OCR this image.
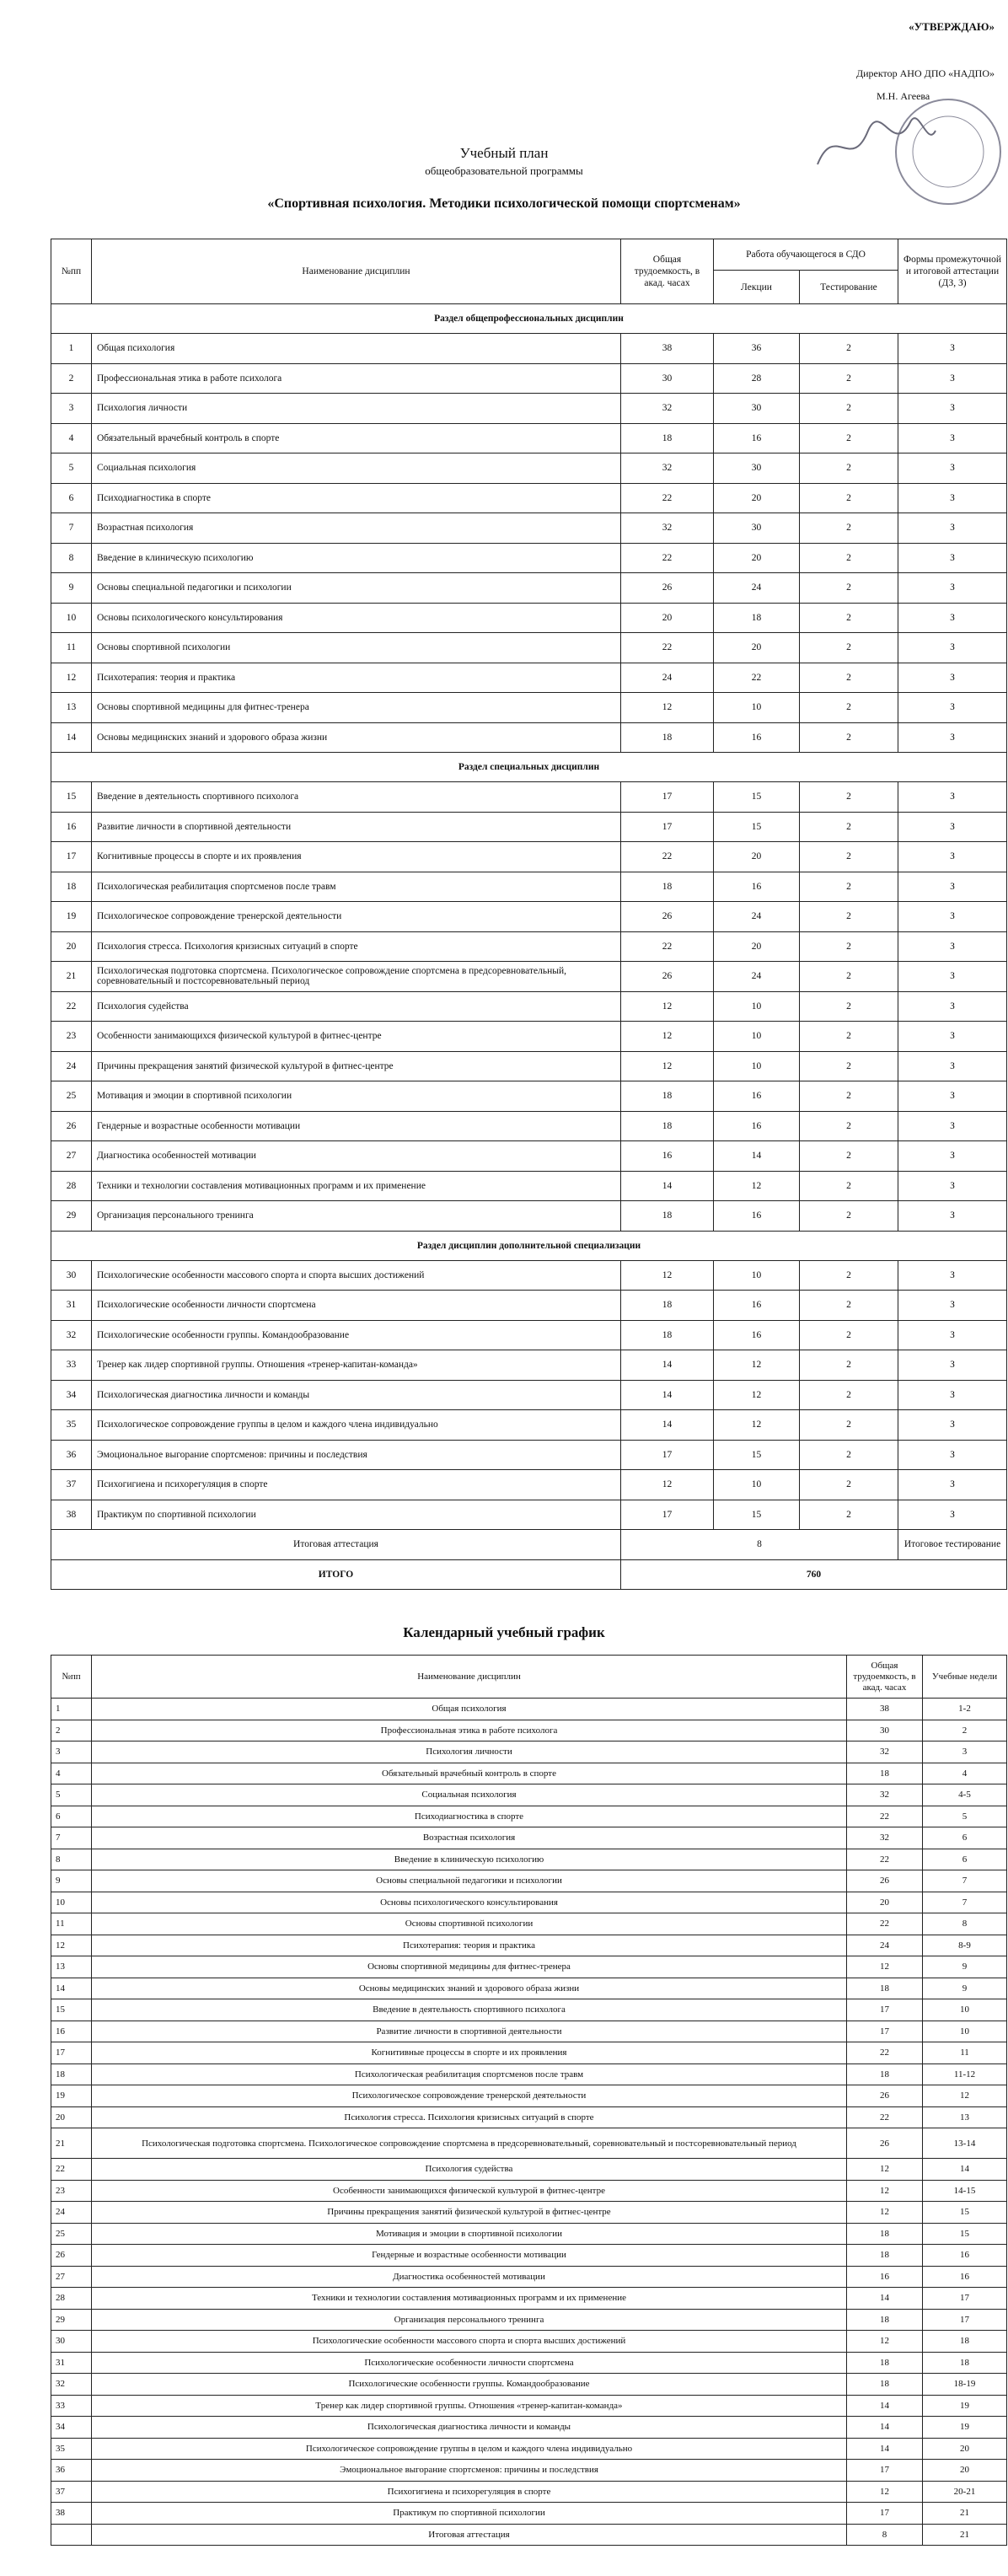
«УТВЕРЖДАЮ»
Директор АНО ДПО «НАДПО»
М.Н. Агеева
Учебный план
общеобразовательной программы
«Спортивная психология. Методики психологической помощи спортсменам»
№пп	Наименование дисциплин	Общая трудоемкость, в акад. часах	Работа обучающегося в СДО		Формы промежуточной и итоговой аттестации (ДЗ, З)
			Лекции	Тестирование	
Раздел общепрофессиональных дисциплин					
1	Общая психология	38	36	2	З
2	Профессиональная этика в работе психолога	30	28	2	З
3	Психология личности	32	30	2	З
4	Обязательный врачебный контроль в спорте	18	16	2	З
5	Социальная психология	32	30	2	З
6	Психодиагностика в спорте	22	20	2	З
7	Возрастная психология	32	30	2	З
8	Введение в клиническую психологию	22	20	2	З
9	Основы специальной педагогики и психологии	26	24	2	З
10	Основы психологического консультирования	20	18	2	З
11	Основы спортивной психологии	22	20	2	З
12	Психотерапия: теория и практика	24	22	2	З
13	Основы спортивной медицины для фитнес-тренера	12	10	2	З
14	Основы медицинских знаний и здорового образа жизни	18	16	2	З
Раздел специальных дисциплин					
15	Введение в деятельность спортивного психолога	17	15	2	З
16	Развитие личности в спортивной деятельности	17	15	2	З
17	Когнитивные процессы в спорте и их проявления	22	20	2	З
18	Психологическая реабилитация спортсменов после травм	18	16	2	З
19	Психологическое сопровождение тренерской деятельности	26	24	2	З
20	Психология стресса. Психология кризисных ситуаций в спорте	22	20	2	З
21	Психологическая подготовка спортсмена. Психологическое сопровождение спортсмена в предсоревновательный, соревновательный и постсоревновательный период	26	24	2	З
22	Психология судейства	12	10	2	З
23	Особенности занимающихся физической культурой в фитнес-центре	12	10	2	З
24	Причины прекращения занятий физической культурой в фитнес-центре	12	10	2	З
25	Мотивация и эмоции в спортивной психологии	18	16	2	З
26	Гендерные и возрастные особенности мотивации	18	16	2	З
27	Диагностика особенностей мотивации	16	14	2	З
28	Техники и технологии составления мотивационных программ и их применение	14	12	2	З
29	Организация персонального тренинга	18	16	2	З
Раздел дисциплин дополнительной специализации					
30	Психологические особенности массового спорта и спорта высших достижений	12	10	2	З
31	Психологические особенности личности спортсмена	18	16	2	З
32	Психологические особенности группы. Командообразование	18	16	2	З
33	Тренер как лидер спортивной группы. Отношения «тренер-капитан-команда»	14	12	2	З
34	Психологическая диагностика личности и команды	14	12	2	З
35	Психологическое сопровождение группы в целом и каждого члена индивидуально	14	12	2	З
36	Эмоциональное выгорание спортсменов: причины и последствия	17	15	2	З
37	Психогигиена и психорегуляция в спорте	12	10	2	З
38	Практикум по спортивной психологии	17	15	2	З
Итоговая аттестация		8			Итоговое тестирование
ИТОГО		760			
Календарный учебный график
№пп	Наименование дисциплин	Общая трудоемкость, в акад. часах	Учебные недели
1	Общая психология	38	1-2
2	Профессиональная этика в работе психолога	30	2
3	Психология личности	32	3
4	Обязательный врачебный контроль в спорте	18	4
5	Социальная психология	32	4-5
6	Психодиагностика в спорте	22	5
7	Возрастная психология	32	6
8	Введение в клиническую психологию	22	6
9	Основы специальной педагогики и психологии	26	7
10	Основы психологического консультирования	20	7
11	Основы спортивной психологии	22	8
12	Психотерапия: теория и практика	24	8-9
13	Основы спортивной медицины для фитнес-тренера	12	9
14	Основы медицинских знаний и здорового образа жизни	18	9
15	Введение в деятельность спортивного психолога	17	10
16	Развитие личности в спортивной деятельности	17	10
17	Когнитивные процессы в спорте и их проявления	22	11
18	Психологическая реабилитация спортсменов после травм	18	11-12
19	Психологическое сопровождение тренерской деятельности	26	12
20	Психология стресса. Психология кризисных ситуаций в спорте	22	13
21	Психологическая подготовка спортсмена. Психологическое сопровождение спортсмена в предсоревновательный, соревновательный и постсоревновательный период	26	13-14
22	Психология судейства	12	14
23	Особенности занимающихся физической культурой в фитнес-центре	12	14-15
24	Причины прекращения занятий физической культурой в фитнес-центре	12	15
25	Мотивация и эмоции в спортивной психологии	18	15
26	Гендерные и возрастные особенности мотивации	18	16
27	Диагностика особенностей мотивации	16	16
28	Техники и технологии составления мотивационных программ и их применение	14	17
29	Организация персонального тренинга	18	17
30	Психологические особенности массового спорта и спорта высших достижений	12	18
31	Психологические особенности личности спортсмена	18	18
32	Психологические особенности группы. Командообразование	18	18-19
33	Тренер как лидер спортивной группы. Отношения «тренер-капитан-команда»	14	19
34	Психологическая диагностика личности и команды	14	19
35	Психологическое сопровождение группы в целом и каждого члена индивидуально	14	20
36	Эмоциональное выгорание спортсменов: причины и последствия	17	20
37	Психогигиена и психорегуляция в спорте	12	20-21
38	Практикум по спортивной психологии	17	21
	Итоговая аттестация	8	21
